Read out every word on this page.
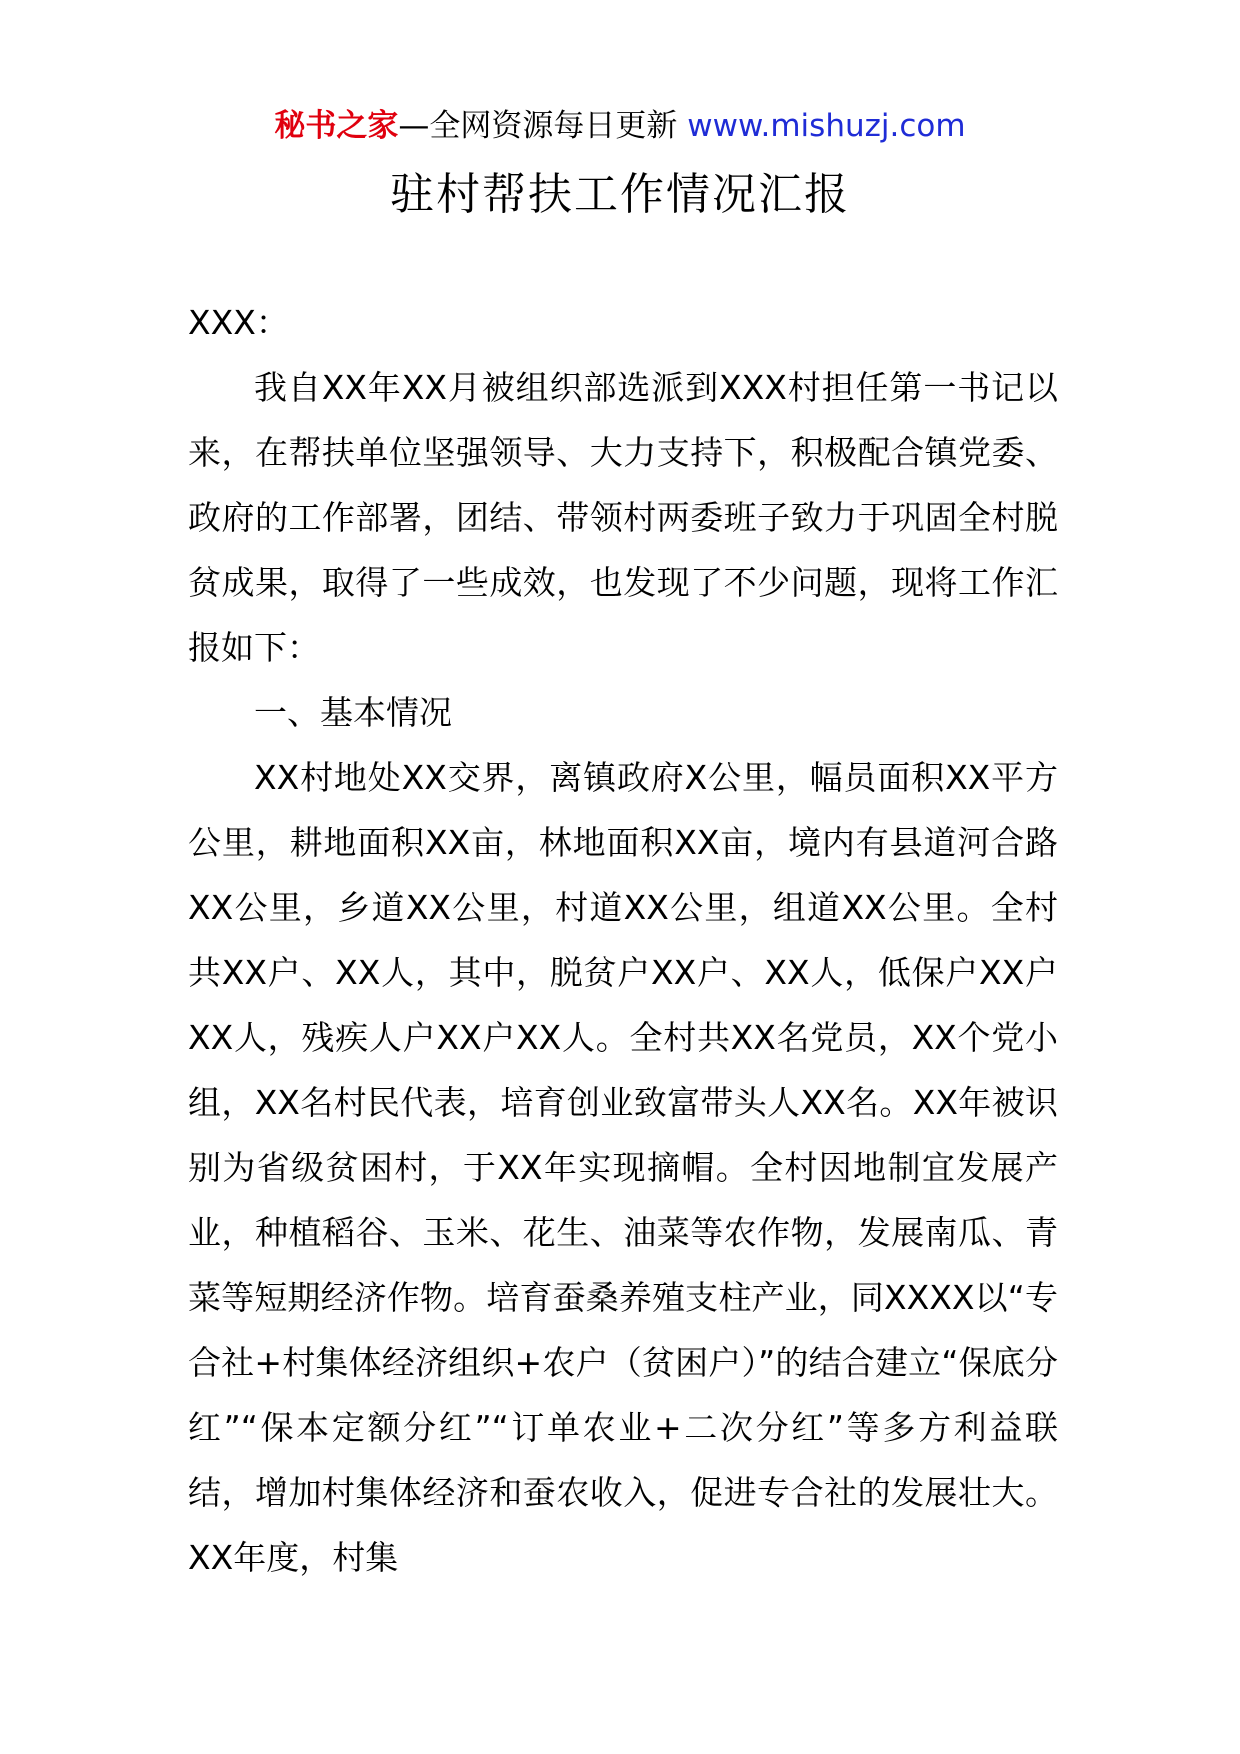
秘书之家—全网资源每日更新 www.mishuzj.com
驻村帮扶工作情况汇报

XXX：

我自XX年XX月被组织部选派到XXX村担任第一书记以来，在帮扶单位坚强领导、大力支持下，积极配合镇党委、政府的工作部署，团结、带领村两委班子致力于巩固全村脱贫成果，取得了一些成效，也发现了不少问题，现将工作汇报如下：

一、基本情况

XX村地处XX交界，离镇政府X公里，幅员面积XX平方公里，耕地面积XX亩，林地面积XX亩，境内有县道河合路XX公里，乡道XX公里，村道XX公里，组道XX公里。全村共XX户、XX人，其中，脱贫户XX户、XX人，低保户XX户XX人，残疾人户XX户XX人。全村共XX名党员，XX个党小组，XX名村民代表，培育创业致富带头人XX名。XX年被识别为省级贫困村，于XX年实现摘帽。全村因地制宜发展产业，种植稻谷、玉米、花生、油菜等农作物，发展南瓜、青菜等短期经济作物。培育蚕桑养殖支柱产业，同XXXX以“专合社+村集体经济组织+农户（贫困户）”的结合建立“保底分红”“保本定额分红”“订单农业+二次分红”等多方利益联结，增加村集体经济和蚕农收入，促进专合社的发展壮大。XX年度，村集
